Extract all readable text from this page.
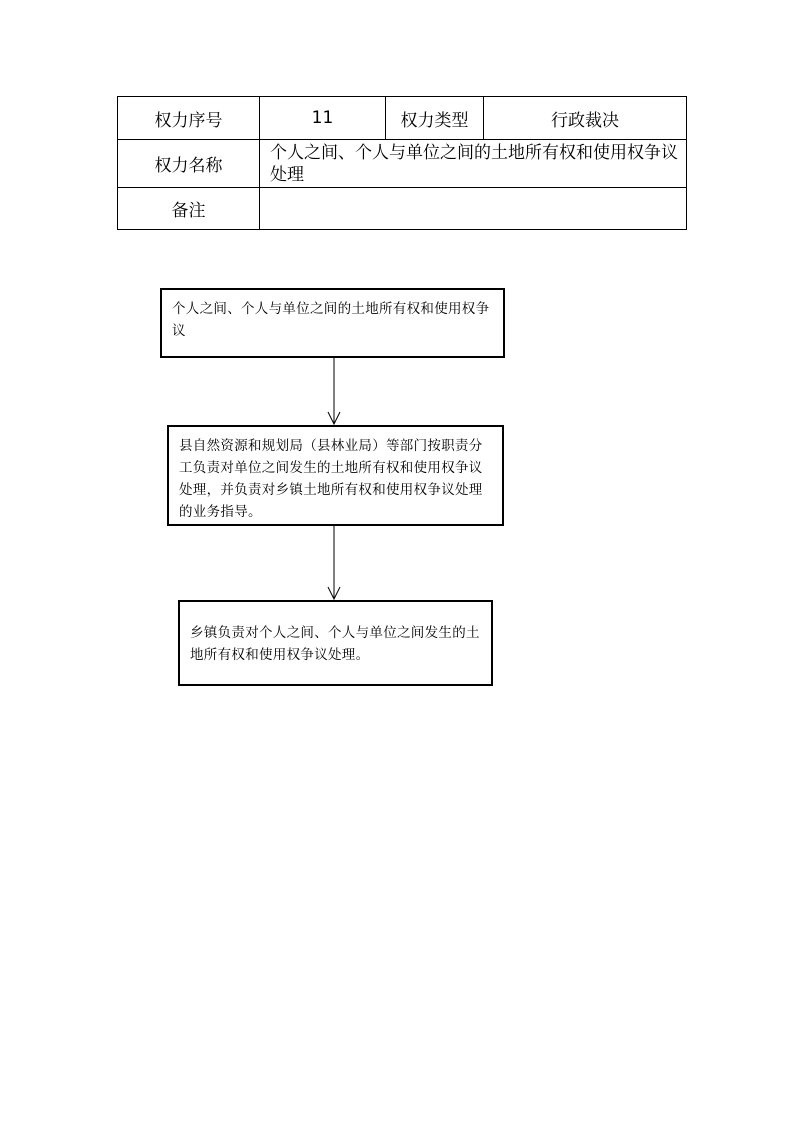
权力序号	11	权力类型	行政裁决
权力名称	个人之间、个人与单位之间的土地所有权和使用权争议处理		
备注			
个人之间、个人与单位之间的土地所有权和使用权争议
县自然资源和规划局（县林业局）等部门按职责分工负责对单位之间发生的土地所有权和使用权争议处理，并负责对乡镇土地所有权和使用权争议处理的业务指导。
乡镇负责对个人之间、个人与单位之间发生的土地所有权和使用权争议处理。
